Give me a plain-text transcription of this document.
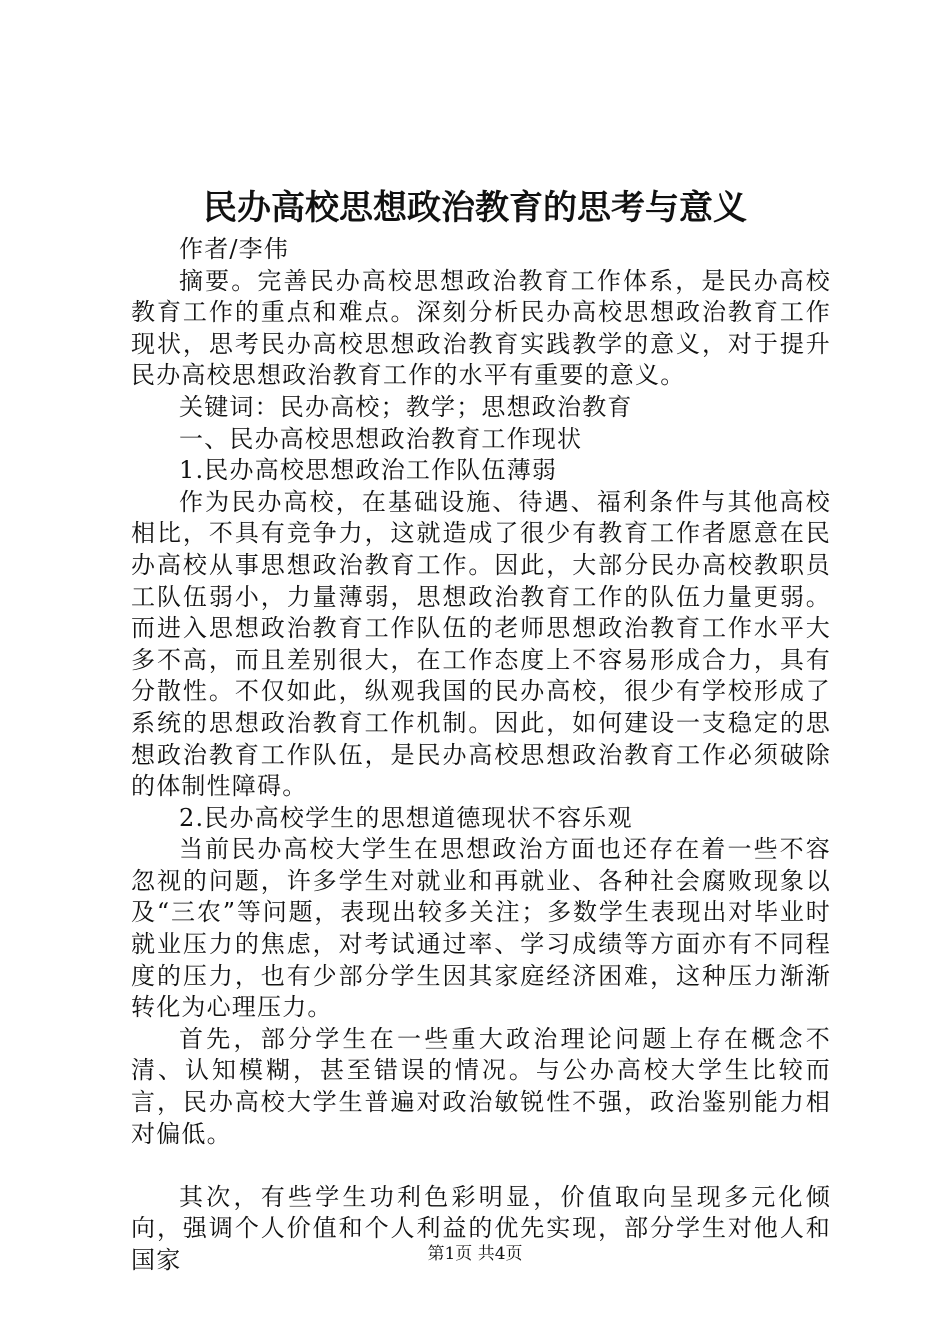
民办高校思想政治教育的思考与意义

作者/李伟

摘要。完善民办高校思想政治教育工作体系，是民办高校教育工作的重点和难点。深刻分析民办高校思想政治教育工作现状，思考民办高校思想政治教育实践教学的意义，对于提升民办高校思想政治教育工作的水平有重要的意义。

关键词：民办高校；教学；思想政治教育

一、民办高校思想政治教育工作现状

1.民办高校思想政治工作队伍薄弱

作为民办高校，在基础设施、待遇、福利条件与其他高校相比，不具有竞争力，这就造成了很少有教育工作者愿意在民办高校从事思想政治教育工作。因此，大部分民办高校教职员工队伍弱小，力量薄弱，思想政治教育工作的队伍力量更弱。而进入思想政治教育工作队伍的老师思想政治教育工作水平大多不高，而且差别很大，在工作态度上不容易形成合力，具有分散性。不仅如此，纵观我国的民办高校，很少有学校形成了系统的思想政治教育工作机制。因此，如何建设一支稳定的思想政治教育工作队伍，是民办高校思想政治教育工作必须破除的体制性障碍。

2.民办高校学生的思想道德现状不容乐观

当前民办高校大学生在思想政治方面也还存在着一些不容忽视的问题，许多学生对就业和再就业、各种社会腐败现象以及“三农”等问题，表现出较多关注；多数学生表现出对毕业时就业压力的焦虑，对考试通过率、学习成绩等方面亦有不同程度的压力，也有少部分学生因其家庭经济困难，这种压力渐渐转化为心理压力。

首先，部分学生在一些重大政治理论问题上存在概念不清、认知模糊，甚至错误的情况。与公办高校大学生比较而言，民办高校大学生普遍对政治敏锐性不强，政治鉴别能力相对偏低。

其次，有些学生功利色彩明显，价值取向呈现多元化倾向，强调个人价值和个人利益的优先实现，部分学生对他人和国家	第1页 共4页
